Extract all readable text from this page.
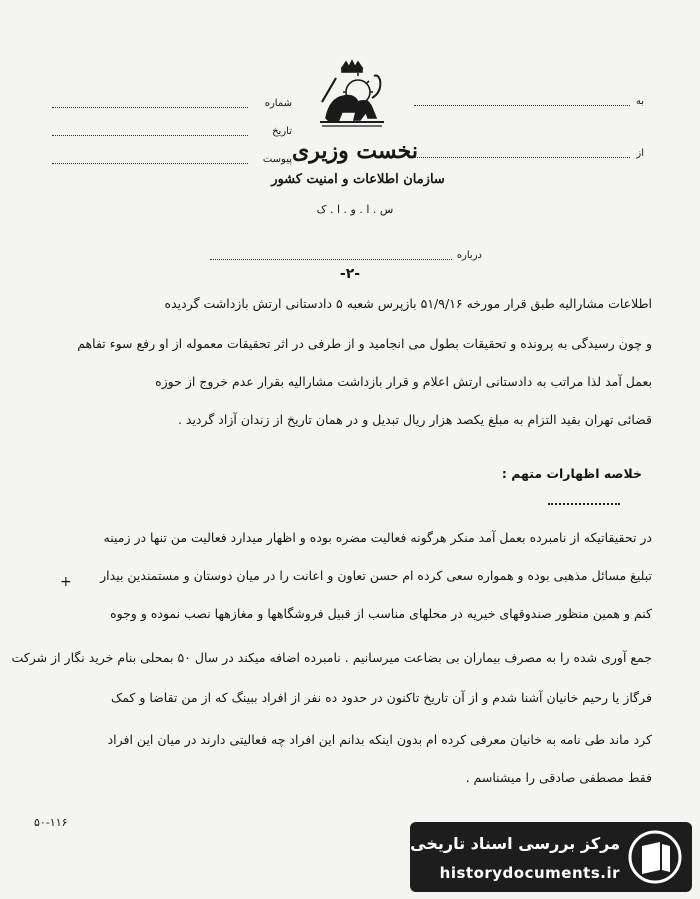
نخست وزیری
سازمان اطلاعات و امنیت کشور
س . ا . و . ا . ک
شماره
تاریخ
پیوست
به
از
درباره
-۲-
اطلاعات مشارالیه طبق قرار مورخه ۵۱/۹/۱۶ بازپرس شعبه ۵ دادستانی ارتش بازداشت گردیده
و چون رسیدگی به پرونده و تحقیقات بطول می انجامید و از طرفی در اثر تحقیقات معموله از او رفع سوء تفاهم
بعمل آمد لذا مراتب به دادستانی ارتش اعلام و قرار بازداشت مشارالیه بقرار عدم خروج از حوزه
قضائی تهران بقید التزام به مبلغ یکصد هزار ریال تبدیل و در همان تاریخ از زندان آزاد گردید .
خلاصه اظهارات متهم :
در تحقیقاتیکه از نامبرده بعمل آمد منکر هرگونه فعالیت مضره بوده و اظهار میدارد فعالیت من تنها در زمینه
تبلیغ مسائل مذهبی بوده و همواره سعی کرده ام حسن تعاون و اعانت را در میان دوستان و مستمندین بیدار
کنم و همین منظور صندوقهای خیریه در محلهای مناسب از قبیل فروشگاهها و مغازهها نصب نموده و وجوه
جمع آوری شده را به مصرف بیماران بی بضاعت میرسانیم . نامبرده اضافه میکند در سال ۵۰ بمحلی بنام خرید نگار از شرکت
فرگاز یا رحیم خانیان آشنا شدم و از آن تاریخ تاکنون در حدود ده نفر از افراد ببینگ که از من تقاضا و کمک
کرد ماند طی نامه به خانیان معرفی کرده ام بدون اینکه بدانم این افراد چه فعالیتی دارند در میان این افراد
فقط مصطفی صادقی را میشناسم .
+
۵۰-۱۱۶
مرکز بررسی اسناد تاریخی
historydocuments.ir
